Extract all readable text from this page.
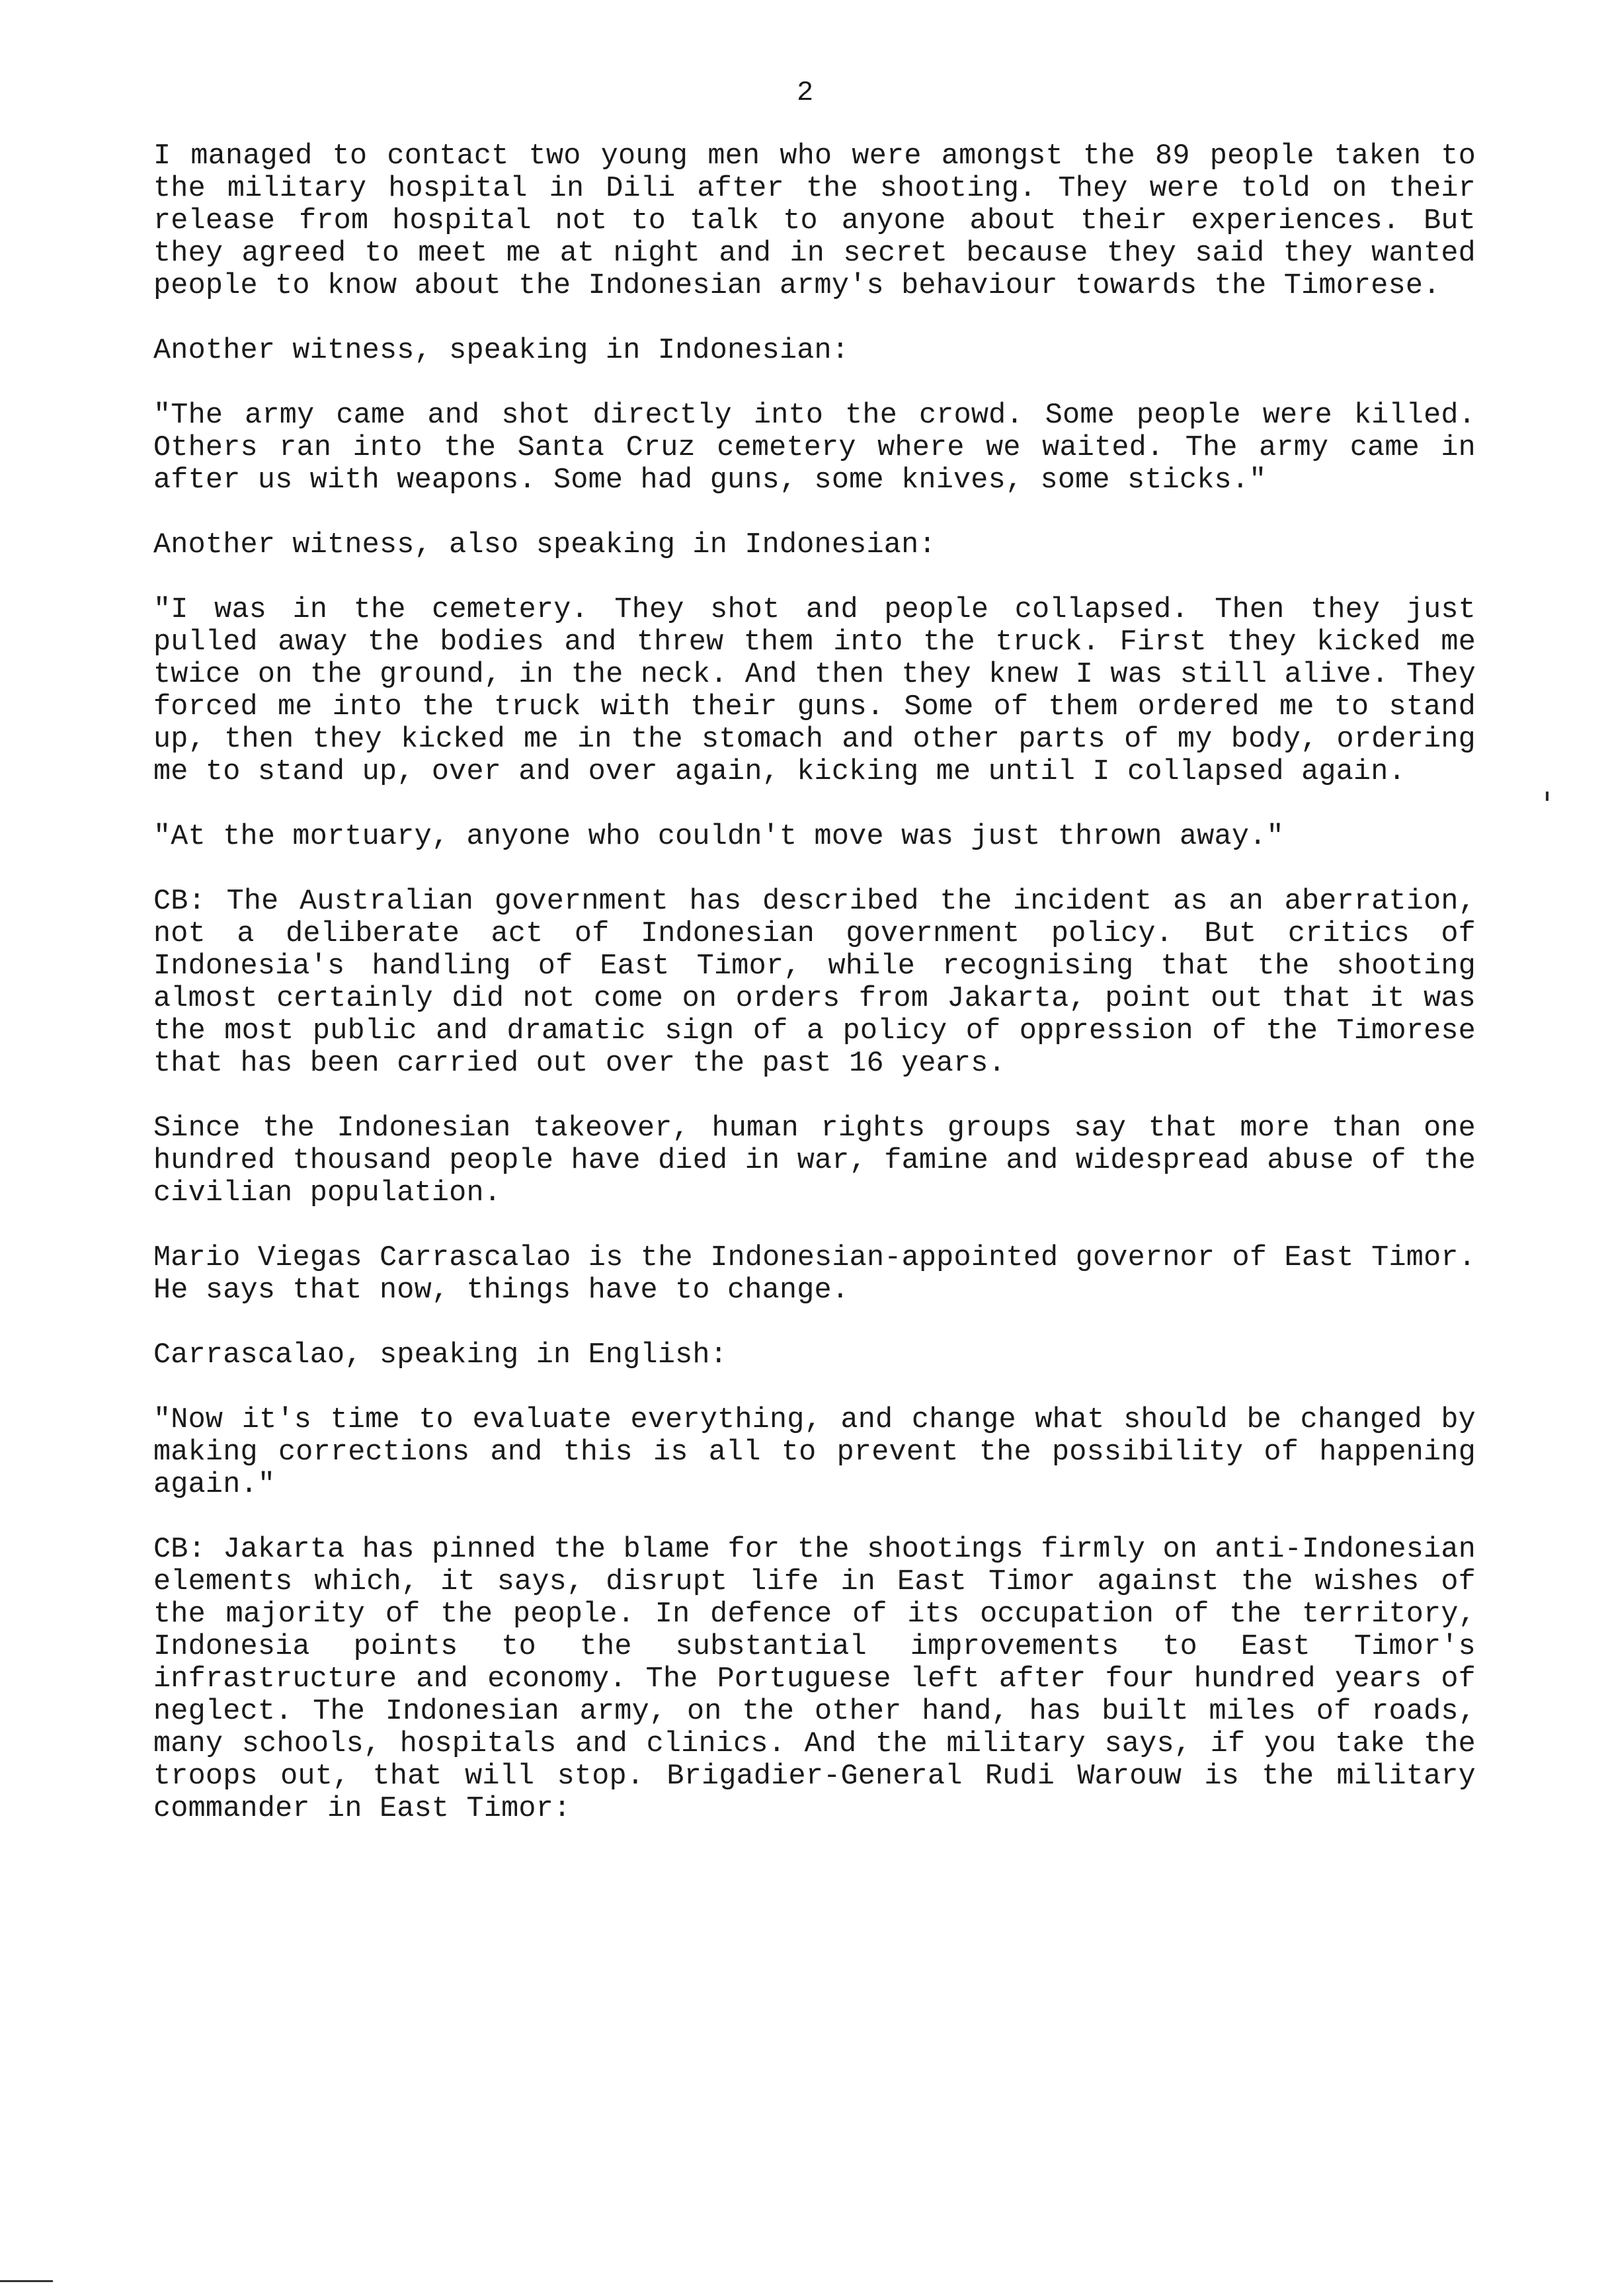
2

I managed to contact two young men who were amongst the 89 people taken to the military hospital in Dili after the shooting. They were told on their release from hospital not to talk to anyone about their experiences. But they agreed to meet me at night and in secret because they said they wanted people to know about the Indonesian army's behaviour towards the Timorese.

Another witness, speaking in Indonesian:

"The army came and shot directly into the crowd. Some people were killed. Others ran into the Santa Cruz cemetery where we waited. The army came in after us with weapons. Some had guns, some knives, some sticks."

Another witness, also speaking in Indonesian:

"I was in the cemetery. They shot and people collapsed. Then they just pulled away the bodies and threw them into the truck. First they kicked me twice on the ground, in the neck. And then they knew I was still alive. They forced me into the truck with their guns. Some of them ordered me to stand up, then they kicked me in the stomach and other parts of my body, ordering me to stand up, over and over again, kicking me until I collapsed again.

"At the mortuary, anyone who couldn't move was just thrown away."

CB: The Australian government has described the incident as an aberration, not a deliberate act of Indonesian government policy. But critics of Indonesia's handling of East Timor, while recognising that the shooting almost certainly did not come on orders from Jakarta, point out that it was the most public and dramatic sign of a policy of oppression of the Timorese that has been carried out over the past 16 years.

Since the Indonesian takeover, human rights groups say that more than one hundred thousand people have died in war, famine and widespread abuse of the civilian population.

Mario Viegas Carrascalao is the Indonesian-appointed governor of East Timor. He says that now, things have to change.

Carrascalao, speaking in English:

"Now it's time to evaluate everything, and change what should be changed by making corrections and this is all to prevent the possibility of happening again."

CB: Jakarta has pinned the blame for the shootings firmly on anti-Indonesian elements which, it says, disrupt life in East Timor against the wishes of the majority of the people. In defence of its occupation of the territory, Indonesia points to the substantial improvements to East Timor's infrastructure and economy. The Portuguese left after four hundred years of neglect. The Indonesian army, on the other hand, has built miles of roads, many schools, hospitals and clinics. And the military says, if you take the troops out, that will stop. Brigadier-General Rudi Warouw is the military commander in East Timor:
